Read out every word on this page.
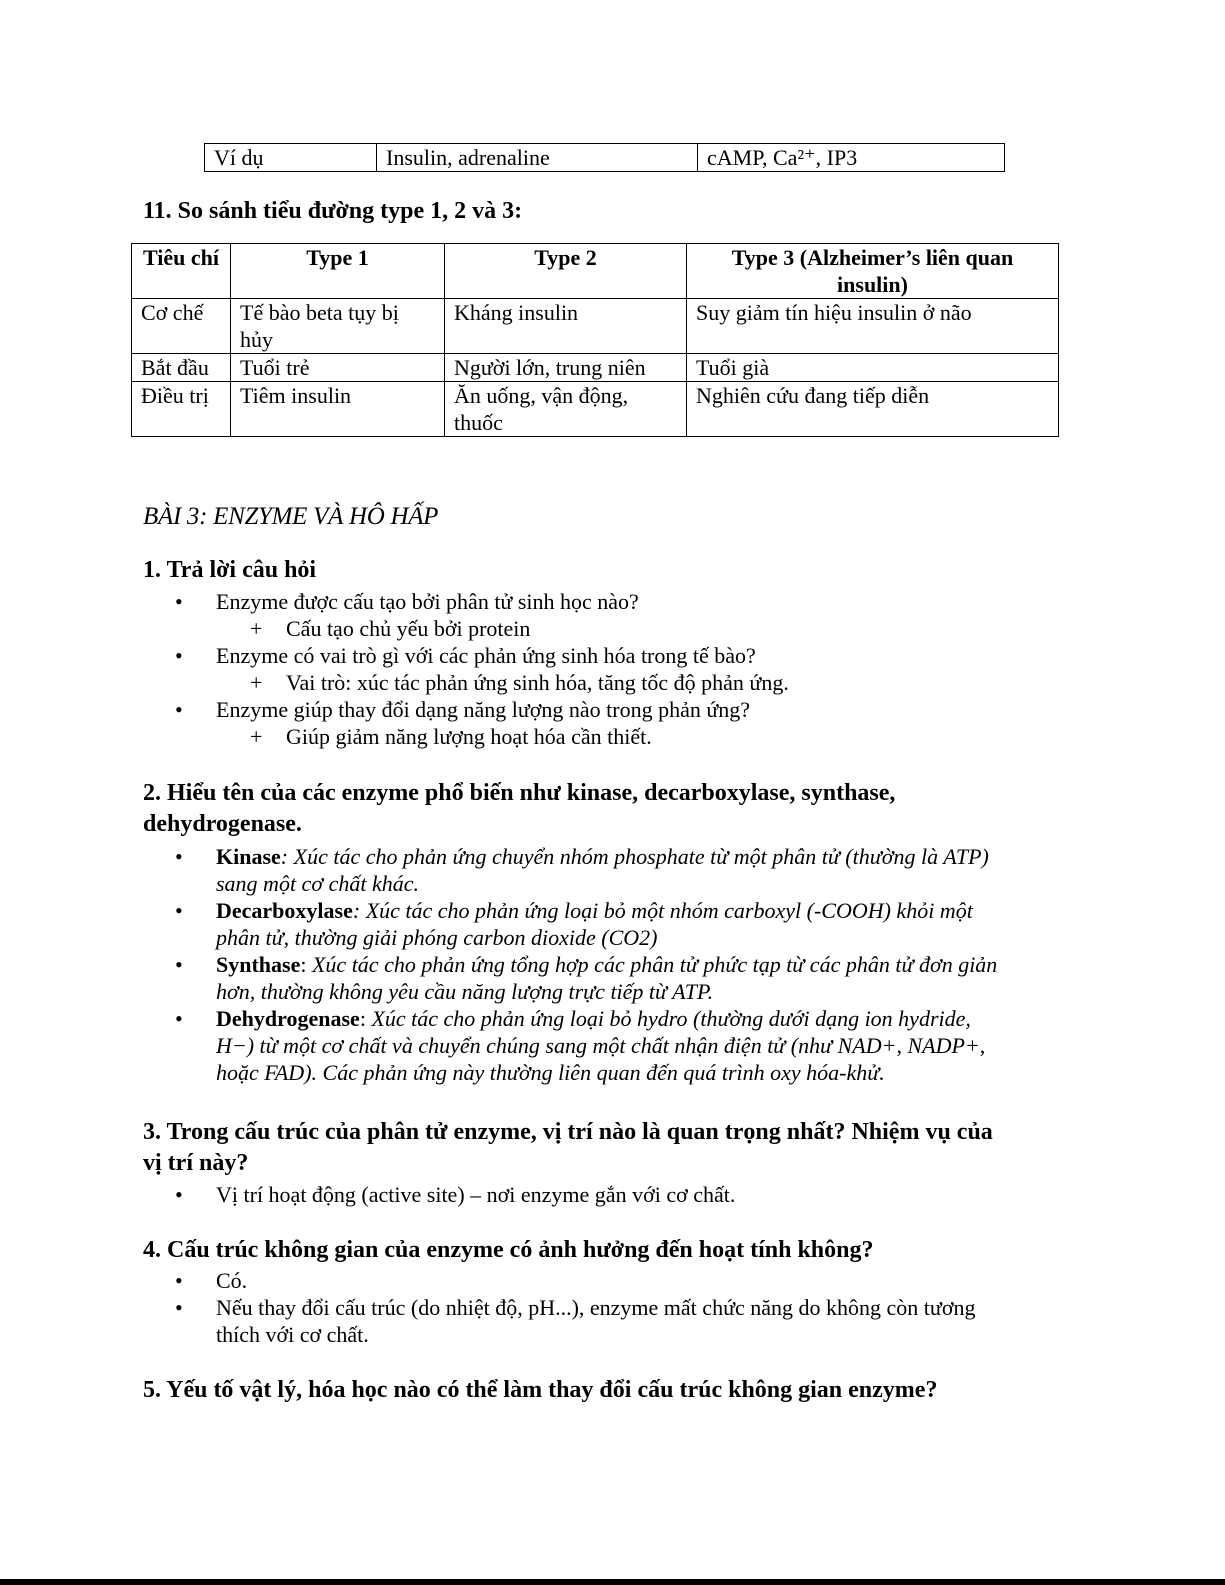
Ví dụ	Insulin, adrenaline	cAMP, Ca²⁺, IP3
11. So sánh tiểu đường type 1, 2 và 3:
Tiêu chí	Type 1	Type 2	Type 3 (Alzheimer’s liên quan insulin)
Cơ chế	Tế bào beta tụy bị hủy	Kháng insulin	Suy giảm tín hiệu insulin ở não
Bắt đầu	Tuổi trẻ	Người lớn, trung niên	Tuổi già
Điều trị	Tiêm insulin	Ăn uống, vận động, thuốc	Nghiên cứu đang tiếp diễn
BÀI 3: ENZYME VÀ HÔ HẤP
1. Trả lời câu hỏi
• Enzyme được cấu tạo bởi phân tử sinh học nào?
+ Cấu tạo chủ yếu bởi protein
• Enzyme có vai trò gì với các phản ứng sinh hóa trong tế bào?
+ Vai trò: xúc tác phản ứng sinh hóa, tăng tốc độ phản ứng.
• Enzyme giúp thay đổi dạng năng lượng nào trong phản ứng?
+ Giúp giảm năng lượng hoạt hóa cần thiết.
2. Hiểu tên của các enzyme phổ biến như kinase, decarboxylase, synthase,
dehydrogenase.
• Kinase: Xúc tác cho phản ứng chuyển nhóm phosphate từ một phân tử (thường là ATP)
sang một cơ chất khác.
• Decarboxylase: Xúc tác cho phản ứng loại bỏ một nhóm carboxyl (-COOH) khỏi một
phân tử, thường giải phóng carbon dioxide (CO2)
• Synthase: Xúc tác cho phản ứng tổng hợp các phân tử phức tạp từ các phân tử đơn giản
hơn, thường không yêu cầu năng lượng trực tiếp từ ATP.
• Dehydrogenase: Xúc tác cho phản ứng loại bỏ hydro (thường dưới dạng ion hydride,
H−) từ một cơ chất và chuyển chúng sang một chất nhận điện tử (như NAD+, NADP+,
hoặc FAD). Các phản ứng này thường liên quan đến quá trình oxy hóa-khử.
3. Trong cấu trúc của phân tử enzyme, vị trí nào là quan trọng nhất? Nhiệm vụ của
vị trí này?
• Vị trí hoạt động (active site) – nơi enzyme gắn với cơ chất.
4. Cấu trúc không gian của enzyme có ảnh hưởng đến hoạt tính không?
• Có.
• Nếu thay đổi cấu trúc (do nhiệt độ, pH...), enzyme mất chức năng do không còn tương
thích với cơ chất.
5. Yếu tố vật lý, hóa học nào có thể làm thay đổi cấu trúc không gian enzyme?
